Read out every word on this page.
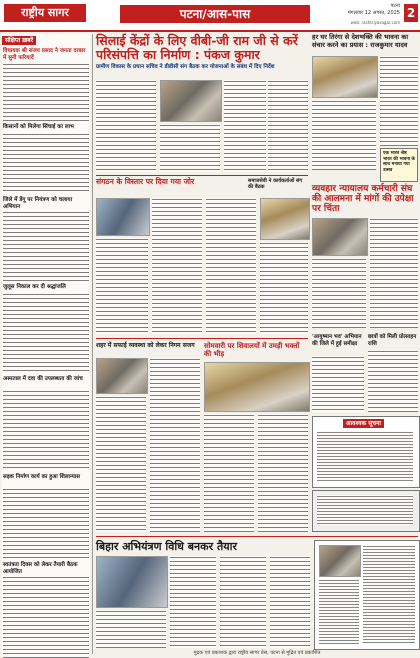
राष्ट्रीय सागर	पटना/आस-पास
पटना
मंगलवार 12 अगस्त, 2025
web: rashtriyasagar.com
2
संक्षिप्त ख़बरें
विधायक श्री संजय प्रसाद ने जनता दरबार में सुनी फरियादें
किसानों को मिलेगा सिंचाई का लाभ
जिले में डेंगू पर नियंत्रण को चलाया अभियान
जुलूस निकाल कर दी श्रद्धांजलि
अस्पताल में दवा की उपलब्धता की जांच
सड़क निर्माण कार्य का हुआ शिलान्यास
स्वतंत्रता दिवस को लेकर तैयारी बैठक आयोजित
सिलाई केंद्रों के लिए वीबी-जी राम जी से करें परिसंपत्ति का निर्माण : पंकज कुमार
ग्रामीण विकास के प्रधान सचिव ने डीडीसी संग बैठक कर योजनाओं के संबंध में दिए निर्देश
हर घर तिरंगा से देशभक्ति की भावना का संचार करने का प्रयास : राजकुमार यादव
एक भारत श्रेष्ठ भारत की भावना के साथ मनाया गया उत्सव
संगठन के विस्तार पर दिया गया जोर	समाजसेवी ने कार्यकर्ताओं संग की बैठक	व्यवहार न्यायालय कर्मचारी संघ की आलमना में मांगों की उपेक्षा पर चिंता
'आयुष्मान भव' अभियान की जिले में हुई समीक्षा
छात्रों को मिली प्रोत्साहन राशि
आवश्यक सूचना
शहर में सफाई व्यवस्था को लेकर निगम सजग सोमवारी पर शिवालयों में उमड़ी भक्तों की भीड़
बिहार अभियंत्रण विधि बनकर तैयार
मुद्रक एवं प्रकाशक द्वारा राष्ट्रीय सागर प्रेस, पटना से मुद्रित एवं प्रकाशित
